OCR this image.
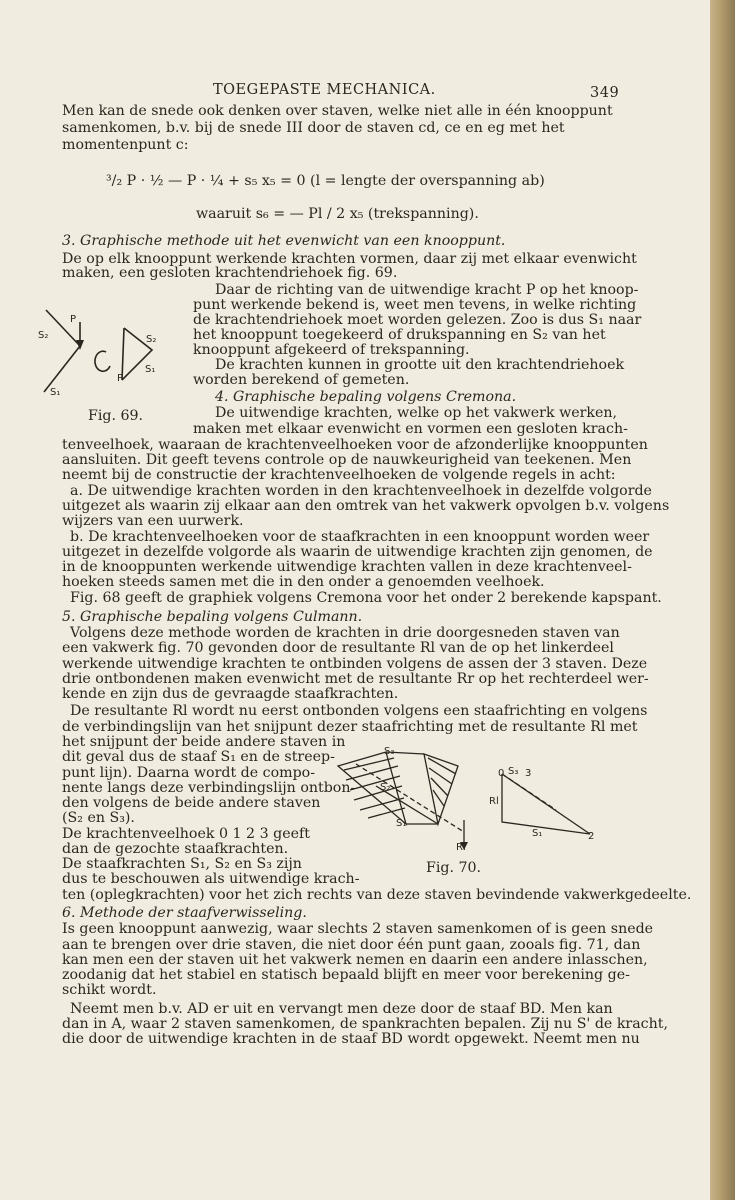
TOEGEPASTE MECHANICA.	349
Men kan de snede ook denken over staven, welke niet alle in één knooppunt
samenkomen, b.v. bij de snede III door de staven cd, ce en eg met het
momentenpunt c:
³/₂ P · ½ — P · ¼ + s₅ x₅ = 0 (l = lengte der overspanning ab)
waaruit s₆ = — Pl / 2 x₅ (trekspanning).
3. Graphische methode uit het evenwicht van een knooppunt.
De op elk knooppunt werkende krachten vormen, daar zij met elkaar evenwicht
maken, een gesloten krachtendriehoek fig. 69.
Daar de richting van de uitwendige kracht P op het knoop-
punt werkende bekend is, weet men tevens, in welke richting
de krachtendriehoek moet worden gelezen. Zoo is dus S₁ naar
het knooppunt toegekeerd of drukspanning en S₂ van het
knooppunt afgekeerd of trekspanning.
De krachten kunnen in grootte uit den krachtendriehoek
worden berekend of gemeten.
4. Graphische bepaling volgens Cremona.
De uitwendige krachten, welke op het vakwerk werken,
maken met elkaar evenwicht en vormen een gesloten krach-
tenveelhoek, waaraan de krachtenveelhoeken voor de afzonderlijke knooppunten
aansluiten. Dit geeft tevens controle op de nauwkeurigheid van teekenen. Men
neemt bij de constructie der krachtenveelhoeken de volgende regels in acht:
a. De uitwendige krachten worden in den krachtenveelhoek in dezelfde volgorde
uitgezet als waarin zij elkaar aan den omtrek van het vakwerk opvolgen b.v. volgens
wijzers van een uurwerk.
b. De krachtenveelhoeken voor de staafkrachten in een knooppunt worden weer
uitgezet in dezelfde volgorde als waarin de uitwendige krachten zijn genomen, de
in de knooppunten werkende uitwendige krachten vallen in deze krachtenveel-
hoeken steeds samen met die in den onder a genoemden veelhoek.
Fig. 68 geeft de graphiek volgens Cremona voor het onder 2 berekende kapspant.
5. Graphische bepaling volgens Culmann.
Volgens deze methode worden de krachten in drie doorgesneden staven van
een vakwerk fig. 70 gevonden door de resultante Rl van de op het linkerdeel
werkende uitwendige krachten te ontbinden volgens de assen der 3 staven. Deze
drie ontbondenen maken evenwicht met de resultante Rr op het rechterdeel wer-
kende en zijn dus de gevraagde staafkrachten.
De resultante Rl wordt nu eerst ontbonden volgens een staafrichting en volgens
de verbindingslijn van het snijpunt dezer staafrichting met de resultante Rl met
het snijpunt der beide andere staven in
dit geval dus de staaf S₁ en de streep-
punt lijn). Daarna wordt de compo-
nente langs deze verbindingslijn ontbon-
den volgens de beide andere staven
(S₂ en S₃).
De krachtenveelhoek 0 1 2 3 geeft
dan de gezochte staafkrachten.
De staafkrachten S₁, S₂ en S₃ zijn
dus te beschouwen als uitwendige krach-
ten (oplegkrachten) voor het zich rechts van deze staven bevindende vakwerkgedeelte.
6. Methode der staafverwisseling.
Is geen knooppunt aanwezig, waar slechts 2 staven samenkomen of is geen snede
aan te brengen over drie staven, die niet door één punt gaan, zooals fig. 71, dan
kan men een der staven uit het vakwerk nemen en daarin een andere inlasschen,
zoodanig dat het stabiel en statisch bepaald blijft en meer voor berekening ge-
schikt wordt.
Neemt men b.v. AD er uit en vervangt men deze door de staaf BD. Men kan
dan in A, waar 2 staven samenkomen, de spankrachten bepalen. Zij nu S' de kracht,
die door de uitwendige krachten in de staaf BD wordt opgewekt. Neemt men nu
P
S₂
S₁
P
S₂
S₁
Fig. 69.
S₃
S₂
S₁
Rl
0 S₃ 3
Rl
S₁	2
Fig. 70.
